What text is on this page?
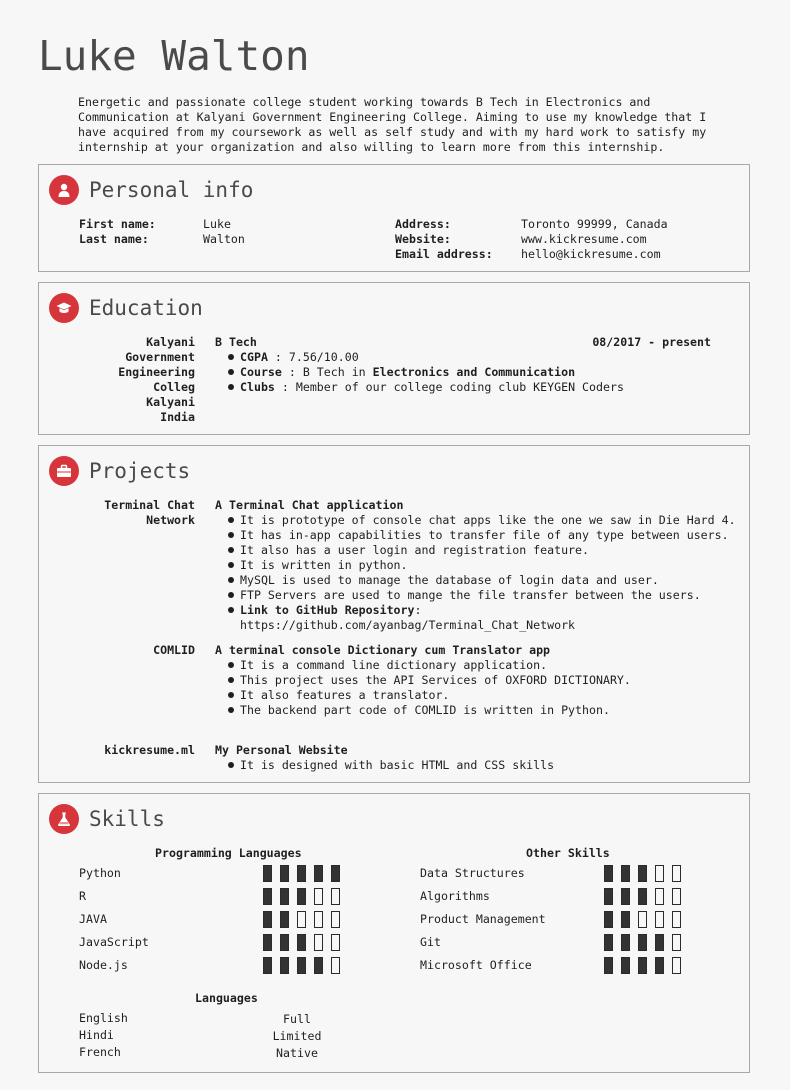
Luke Walton
Energetic and passionate college student working towards B Tech in Electronics and Communication at Kalyani Government Engineering College. Aiming to use my knowledge that I have acquired from my coursework as well as self study and with my hard work to satisfy my internship at your organization and also willing to learn more from this internship.
Personal info
First name:	Luke
Last name:	Walton
Address:	Toronto 99999, Canada
Website:	www.kickresume.com
Email address: hello@kickresume.com
Education
Kalyani
Government
Engineering
Colleg
Kalyani
India
B Tech	08/2017 - present
CGPA : 7.56/10.00
Course : B Tech in Electronics and Communication
Clubs : Member of our college coding club KEYGEN Coders
Projects
Terminal Chat
Network
A Terminal Chat application
It is prototype of console chat apps like the one we saw in Die Hard 4.
It has in-app capabilities to transfer file of any type between users.
It also has a user login and registration feature.
It is written in python.
MySQL is used to manage the database of login data and user.
FTP Servers are used to mange the file transfer between the users.
Link to GitHub Repository:
https://github.com/ayanbag/Terminal_Chat_Network
COMLID A terminal console Dictionary cum Translator app
It is a command line dictionary application.
This project uses the API Services of OXFORD DICTIONARY.
It also features a translator.
The backend part code of COMLID is written in Python.
kickresume.ml My Personal Website
It is designed with basic HTML and CSS skills
Skills
Programming Languages	Other Skills
Python
R
JAVA
JavaScript
Node.js
Data Structures
Algorithms
Product Management
Git
Microsoft Office
Languages
English	Full
Hindi	Limited
French	Native
